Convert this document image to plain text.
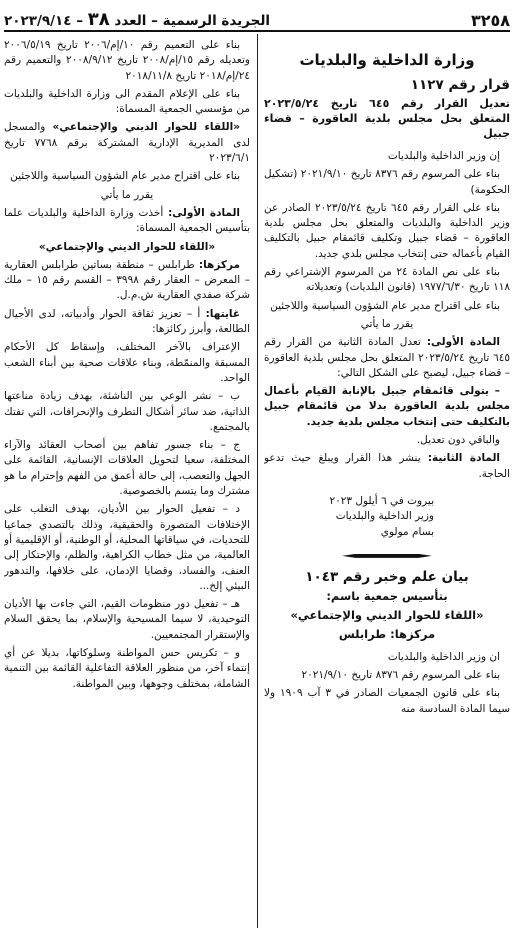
٣٢٥٨
الجريدة الرسمية – العدد ٣٨ – ٢٠٢٣/٩/١٤
وزارة الداخلية والبلديات
قرار رقم ١١٢٧
تعديل القرار رقم ٦٤٥ تاريخ ٢٠٢٣/٥/٢٤ المتعلق بحل مجلس بلدية العاقورة – قضاء جبيل

إن وزير الداخلية والبلديات

بناء على المرسوم رقم ٨٣٧٦ تاريخ ٢٠٢١/٩/١٠ (تشكيل الحكومة)

بناء على القرار رقم ٦٤٥ تاريخ ٢٠٢٣/٥/٢٤ الصادر عن وزير الداخلية والبلديات والمتعلق بحل مجلس بلدية العاقورة – قضاء جبيل وتكليف قائمقام جبيل بالتكليف القيام بأعماله حتى إنتخاب مجلس بلدي جديد.

بناء على نص المادة ٢٤ من المرسوم الإشتراعي رقم ١١٨ تاريخ ١٩٧٧/٦/٣٠ (قانون البلديات) وتعديلاته

بناء على اقتراح مدير عام الشؤون السياسية واللاجئين

يقرر ما يأتي

المادة الأولى: تعدل المادة الثانية من القرار رقم ٦٤٥ تاريخ ٢٠٢٣/٥/٢٤ المتعلق بحل مجلس بلدية العاقورة – قضاء جبيل، ليصبح على الشكل التالي:

– يتولى قائمقام جبيل بالإنابة القيام بأعمال مجلس بلدية العاقورة بدلا من قائمقام جبيل بالتكليف حتى إنتخاب مجلس بلدية جديد.

والباقي دون تعديل.

المادة الثانية: ينشر هذا القرار ويبلغ حيث تدعو الحاجة.

بيروت في ٦ أيلول ٢٠٢٣

وزير الداخلية والبلديات

بسام مولوي

بيان علم وخبر رقم ١٠٤٣
بتأسيس جمعية باسم:
«اللقاء للحوار الديني والإجتماعي»
مركزها: طرابلس

ان وزير الداخلية والبلديات

بناء على المرسوم رقم ٨٣٧٦ تاريخ ٢٠٢١/٩/١٠

بناء على قانون الجمعيات الصادر في ٣ آب ١٩٠٩ ولا سيما المادة السادسة منه

بناء على التعميم رقم ١٠/إم/٢٠٠٦ تاريخ ٢٠٠٦/٥/١٩ وتعديله رقم ١٥/إم/٢٠٠٨ تاريخ ٢٠٠٨/٩/١٢ والتعميم رقم ٢٤/إم/٢٠١٨ تاريخ ٢٠١٨/١١/٨

بناء على الإعلام المقدم الى وزارة الداخلية والبلديات من مؤسسي الجمعية المسماة:

«اللقاء للحوار الديني والإجتماعي» والمسجل لدى المديرية الإدارية المشتركة برقم ٧٧٦٨ تاريخ ٢٠٢٣/٦/١

بناء على اقتراح مدير عام الشؤون السياسية واللاجئين

يقرر ما يأتي

المادة الأولى: أخذت وزارة الداخلية والبلديات علما بتأسيس الجمعية المسماة:

«اللقاء للحوار الديني والإجتماعي»

مركزها: طرابلس – منطقة بساتين طرابلس العقارية – المعرض – العقار رقم ٣٩٩٨ – القسم رقم ١٥ – ملك شركة صفدي العقارية ش.م.ل.

غايتها: أ – تعزيز ثقافة الحوار وأدبياته، لدى الأجيال الطالعة، وأبرز ركائزها:

الإعتراف بالآخر المختلف، وإسقاط كل الأحكام المسبقة والمنمّطة، وبناء علاقات صحية بين أبناء الشعب الواحد.

ب – نشر الوعي بين الناشئة، بهدف زيادة مناعتها الذاتية، ضد سائر أشكال التطرف والإنحرافات، التي تفتك بالمجتمع.

ج – بناء جسور تفاهم بين أصحاب العقائد والآراء المختلفة، سعيا لتحويل العلاقات الإنسانية، القائمة على الجهل والتعصب، إلى حالة أعمق من الفهم وإحترام ما هو مشترك وما يتسم بالخصوصية.

د – تفعيل الحوار بين الأديان، بهدف التغلب على الإختلافات المتصورة والحقيقية، وذلك بالتصدي جماعيا للتحديات، في سياقاتها المحلية، أو الوطنية، أو الإقليمية أو العالمية، من مثل خطاب الكراهية، والظلم، والإحتكار إلى العنف، والفساد، وقضايا الإدمان، على خلافها، والتدهور البيئي إلخ...

هـ – تفعيل دور منظومات القيم، التي جاءت بها الأديان التوحيدية، لا سيما المسيحية والإسلام، بما يحقق السلام والإستقرار المجتمعيين.

و – تكريس حس المواطنة وسلوكاتها، بديلا عن أي إنتماء آخر، من منظور العلاقة التفاعلية القائمة بين التنمية الشاملة، بمختلف وجوهها، وبين المواطنة.
